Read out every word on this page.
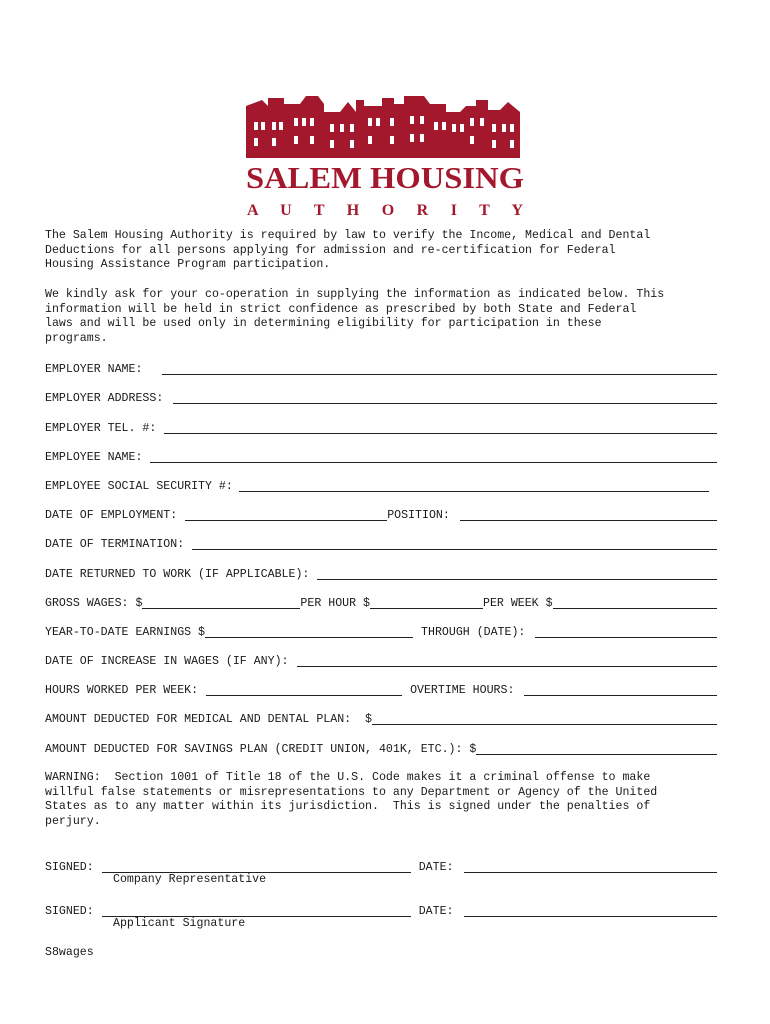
SALEM HOUSING
A U T H O R I T Y

The Salem Housing Authority is required by law to verify the Income, Medical and Dental
Deductions for all persons applying for admission and re-certification for Federal
Housing Assistance Program participation.

We kindly ask for your co-operation in supplying the information as indicated below. This
information will be held in strict confidence as prescribed by both State and Federal
laws and will be used only in determining eligibility for participation in these
programs.

EMPLOYER NAME:
EMPLOYER ADDRESS:
EMPLOYER TEL. #:
EMPLOYEE NAME:
EMPLOYEE SOCIAL SECURITY #:
DATE OF EMPLOYMENT:	POSITION:
DATE OF TERMINATION:
DATE RETURNED TO WORK (IF APPLICABLE):
GROSS WAGES: $	PER HOUR $	PER WEEK $
YEAR-TO-DATE EARNINGS $	THROUGH (DATE):
DATE OF INCREASE IN WAGES (IF ANY):
HOURS WORKED PER WEEK:	OVERTIME HOURS:
AMOUNT DEDUCTED FOR MEDICAL AND DENTAL PLAN:  $
AMOUNT DEDUCTED FOR SAVINGS PLAN (CREDIT UNION, 401K, ETC.): $

WARNING:  Section 1001 of Title 18 of the U.S. Code makes it a criminal offense to make
willful false statements or misrepresentations to any Department or Agency of the United
States as to any matter within its jurisdiction.  This is signed under the penalties of
perjury.

SIGNED:	DATE:
Company Representative
SIGNED:	DATE:
Applicant Signature
S8wages
